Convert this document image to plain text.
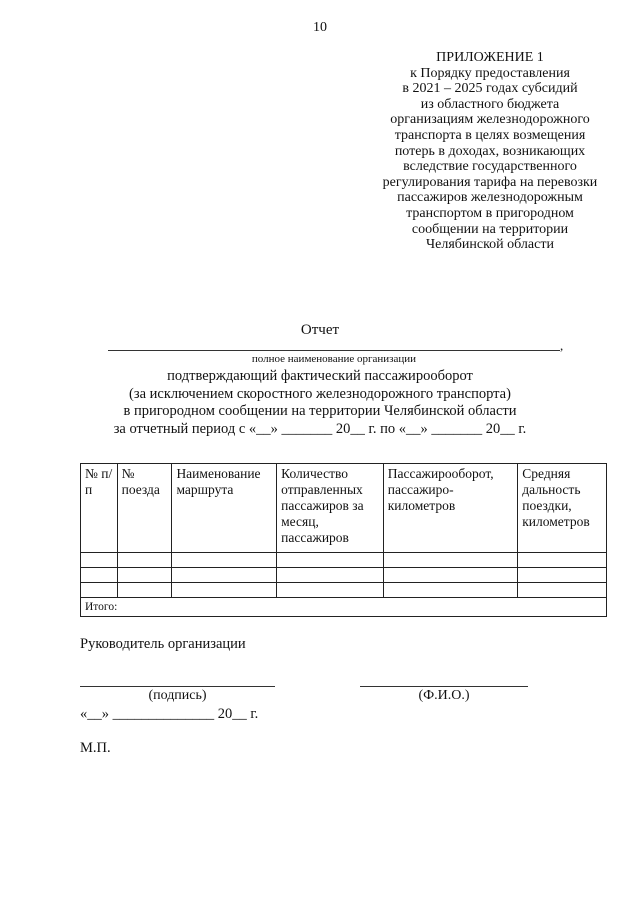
10
ПРИЛОЖЕНИЕ 1
к Порядку предоставления
в 2021 – 2025 годах субсидий
из областного бюджета
организациям железнодорожного
транспорта в целях возмещения
потерь в доходах, возникающих
вследствие государственного
регулирования тарифа на перевозки
пассажиров железнодорожным
транспортом в пригородном
сообщении на территории
Челябинской области
Отчет
,
полное наименование организации
подтверждающий фактический пассажирооборот
(за исключением скоростного железнодорожного транспорта)
в пригородном сообщении на территории Челябинской области
за отчетный период с «__» _______ 20__ г. по «__» _______ 20__ г.
№ п/п	№ поезда	Наименование маршрута	Количество отправленных пассажиров за месяц, пассажиров	Пассажирооборот, пассажиро-километров	Средняя дальность поездки, километров

Итого:					
Руководитель организации
(подпись)	(Ф.И.О.)
«__» ______________ 20__ г.
М.П.
